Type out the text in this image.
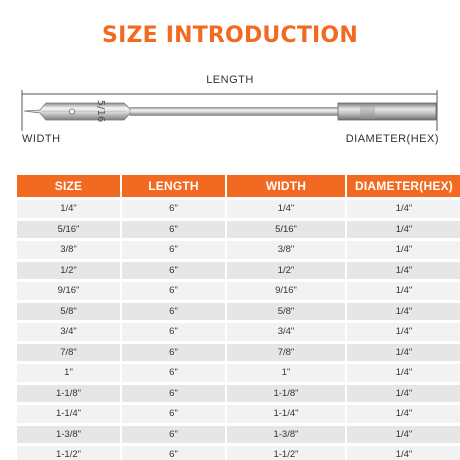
SIZE INTRODUCTION
LENGTH
5/16
WIDTH	DIAMETER(HEX)
SIZE	LENGTH	WIDTH	DIAMETER(HEX)
1/4"	6"	1/4"	1/4"
5/16"	6"	5/16"	1/4"
3/8"	6"	3/8"	1/4"
1/2"	6"	1/2"	1/4"
9/16"	6"	9/16"	1/4"
5/8"	6"	5/8"	1/4"
3/4"	6"	3/4"	1/4"
7/8"	6"	7/8"	1/4"
1"	6"	1"	1/4"
1-1/8"	6"	1-1/8"	1/4"
1-1/4"	6"	1-1/4"	1/4"
1-3/8"	6"	1-3/8"	1/4"
1-1/2"	6"	1-1/2"	1/4"
